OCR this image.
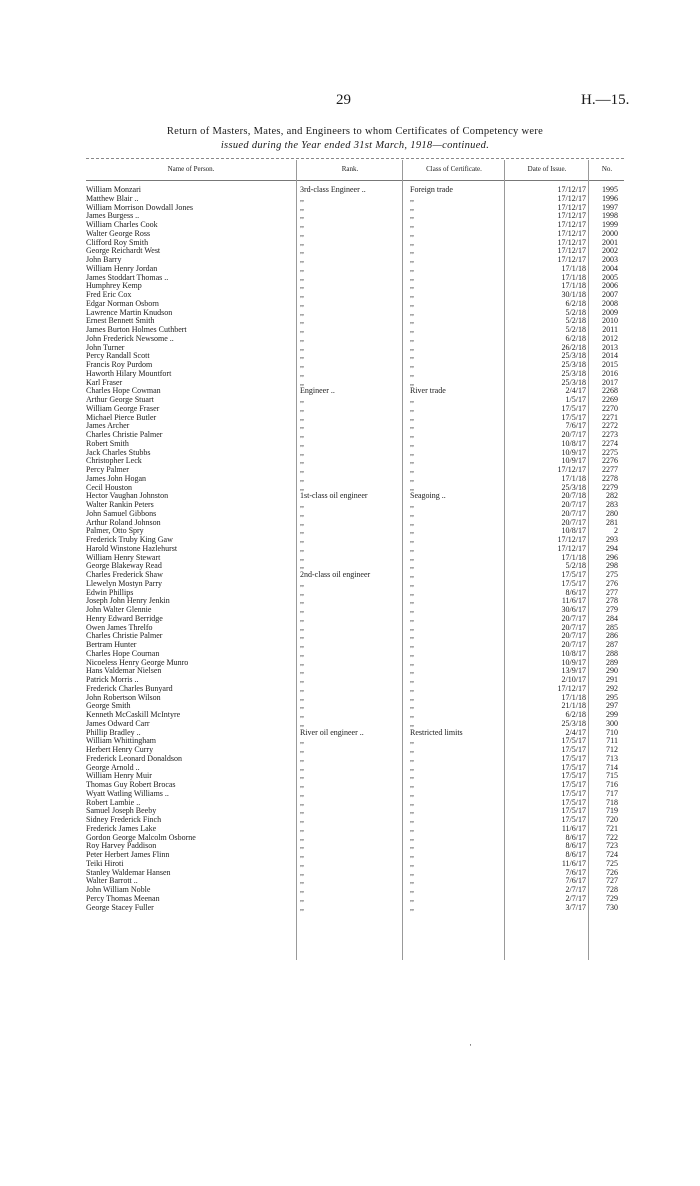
29	H.—15.
Return of Masters, Mates, and Engineers to whom Certificates of Competency were
issued during the Year ended 31st March, 1918—continued.
Name of Person.	Rank.	Class of Certificate.	Date of Issue.	No.
William Monzari	3rd-class Engineer ..	Foreign trade	17/12/17	1995
Matthew Blair ..	,,	,,	17/12/17	1996
William Morrison Dowdall Jones	,,	,,	17/12/17	1997
James Burgess ..	,,	,,	17/12/17	1998
William Charles Cook	,,	,,	17/12/17	1999
Walter George Ross	,,	,,	17/12/17	2000
Clifford Roy Smith	,,	,,	17/12/17	2001
George Reichardt West	,,	,,	17/12/17	2002
John Barry	,,	,,	17/12/17	2003
William Henry Jordan	,,	,,	17/1/18	2004
James Stoddart Thomas ..	,,	,,	17/1/18	2005
Humphrey Kemp	,,	,,	17/1/18	2006
Fred Eric Cox	,,	,,	30/1/18	2007
Edgar Norman Osborn	,,	,,	6/2/18	2008
Lawrence Martin Knudson	,,	,,	5/2/18	2009
Ernest Bennett Smith	,,	,,	5/2/18	2010
James Burton Holmes Cuthbert	,,	,,	5/2/18	2011
John Frederick Newsome ..	,,	,,	6/2/18	2012
John Turner	,,	,,	26/2/18	2013
Percy Randall Scott	,,	,,	25/3/18	2014
Francis Roy Purdom	,,	,,	25/3/18	2015
Haworth Hilary Mountfort	,,	,,	25/3/18	2016
Karl Fraser	,,	,,	25/3/18	2017
Charles Hope Cowman	Engineer ..	River trade	2/4/17	2268
Arthur George Stuart	,,	,,	1/5/17	2269
William George Fraser	,,	,,	17/5/17	2270
Michael Pierce Butler	,,	,,	17/5/17	2271
James Archer	,,	,,	7/6/17	2272
Charles Christie Palmer	,,	,,	20/7/17	2273
Robert Smith	,,	,,	10/8/17	2274
Jack Charles Stubbs	,,	,,	10/9/17	2275
Christopher Leck	,,	,,	10/9/17	2276
Percy Palmer	,,	,,	17/12/17	2277
James John Hogan	,,	,,	17/1/18	2278
Cecil Houston	,,	,,	25/3/18	2279
Hector Vaughan Johnston	1st-class oil engineer	Seagoing ..	20/7/18	282
Walter Rankin Peters	,,	,,	20/7/17	283
John Samuel Gibbons	,,	,,	20/7/17	280
Arthur Roland Johnson	,,	,,	20/7/17	281
Palmer, Otto Spry	,,	,,	10/8/17	2
Frederick Truby King Gaw	,,	,,	17/12/17	293
Harold Winstone Hazlehurst	,,	,,	17/12/17	294
William Henry Stewart	,,	,,	17/1/18	296
George Blakeway Read	,,	,,	5/2/18	298
Charles Frederick Shaw	2nd-class oil engineer	,,	17/5/17	275
Llewelyn Mostyn Parry	,,	,,	17/5/17	276
Edwin Phillips	,,	,,	8/6/17	277
Joseph John Henry Jenkin	,,	,,	11/6/17	278
John Walter Glennie	,,	,,	30/6/17	279
Henry Edward Berridge	,,	,,	20/7/17	284
Owen James Threlfo	,,	,,	20/7/17	285
Charles Christie Palmer	,,	,,	20/7/17	286
Bertram Hunter	,,	,,	20/7/17	287
Charles Hope Cournan	,,	,,	10/8/17	288
Nicoeless Henry George Munro	,,	,,	10/9/17	289
Hans Valdemar Nielsen	,,	,,	13/9/17	290
Patrick Morris ..	,,	,,	2/10/17	291
Frederick Charles Bunyard	,,	,,	17/12/17	292
John Robertson Wilson	,,	,,	17/1/18	295
George Smith	,,	,,	21/1/18	297
Kenneth McCaskill McIntyre	,,	,,	6/2/18	299
James Odward Carr	,,	,,	25/3/18	300
Phillip Bradley ..	River oil engineer ..	Restricted limits	2/4/17	710
William Whittingham	,,	,,	17/5/17	711
Herbert Henry Curry	,,	,,	17/5/17	712
Frederick Leonard Donaldson	,,	,,	17/5/17	713
George Arnold ..	,,	,,	17/5/17	714
William Henry Muir	,,	,,	17/5/17	715
Thomas Guy Robert Brocas	,,	,,	17/5/17	716
Wyatt Watling Williams ..	,,	,,	17/5/17	717
Robert Lambie ..	,,	,,	17/5/17	718
Samuel Joseph Beeby	,,	,,	17/5/17	719
Sidney Frederick Finch	,,	,,	17/5/17	720
Frederick James Lake	,,	,,	11/6/17	721
Gordon George Malcolm Osborne	,,	,,	8/6/17	722
Roy Harvey Paddison	,,	,,	8/6/17	723
Peter Herbert James Flinn	,,	,,	8/6/17	724
Teiki Hiroti	,,	,,	11/6/17	725
Stanley Waldemar Hansen	,,	,,	7/6/17	726
Walter Barrott ..	,,	,,	7/6/17	727
John William Noble	,,	,,	2/7/17	728
Percy Thomas Meenan	,,	,,	2/7/17	729
George Stacey Fuller	,,	,,	3/7/17	730
·
